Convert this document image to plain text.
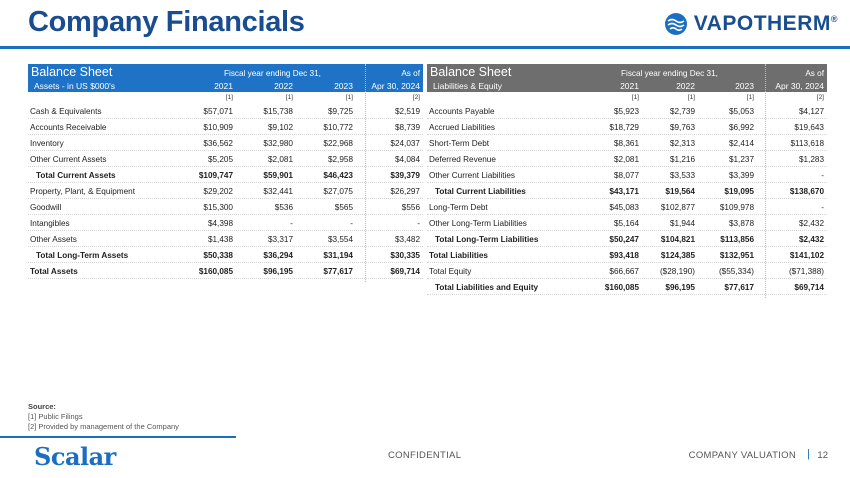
Company Financials	VAPOTHERM®
Balance Sheet
Assets - in US $000's
Fiscal year ending Dec 31,	As of
2021	2022	2023	Apr 30, 2024
[1]	[1]	[1]	[2]
Cash & Equivalents	$57,071	$15,738	$9,725	$2,519
Accounts Receivable	$10,909	$9,102	$10,772	$8,739
Inventory	$36,562	$32,980	$22,968	$24,037
Other Current Assets	$5,205	$2,081	$2,958	$4,084
Total Current Assets	$109,747	$59,901	$46,423	$39,379
Property, Plant, & Equipment	$29,202	$32,441	$27,075	$26,297
Goodwill	$15,300	$536	$565	$556
Intangibles	$4,398	-	-	-
Other Assets	$1,438	$3,317	$3,554	$3,482
Total Long-Term Assets	$50,338	$36,294	$31,194	$30,335
Total Assets	$160,085	$96,195	$77,617	$69,714
Balance Sheet
Liabilities & Equity
Fiscal year ending Dec 31,	As of
2021	2022	2023	Apr 30, 2024
[1]	[1]	[1]	[2]
Accounts Payable	$5,923	$2,739	$5,053	$4,127
Accrued Liabilities	$18,729	$9,763	$6,992	$19,643
Short-Term Debt	$8,361	$2,313	$2,414	$113,618
Deferred Revenue	$2,081	$1,216	$1,237	$1,283
Other Current Liabilities	$8,077	$3,533	$3,399	-
Total Current Liabilities	$43,171	$19,564	$19,095	$138,670
Long-Term Debt	$45,083	$102,877	$109,978	-
Other Long-Term Liabilities	$5,164	$1,944	$3,878	$2,432
Total Long-Term Liabilities	$50,247	$104,821	$113,856	$2,432
Total Liabilities	$93,418	$124,385	$132,951	$141,102
Total Equity	$66,667	($28,190)	($55,334)	($71,388)
Total Liabilities and Equity	$160,085	$96,195	$77,617	$69,714
Source:
[1] Public Filings
[2] Provided by management of the Company
Scalar	CONFIDENTIAL	COMPANY VALUATION | 12
